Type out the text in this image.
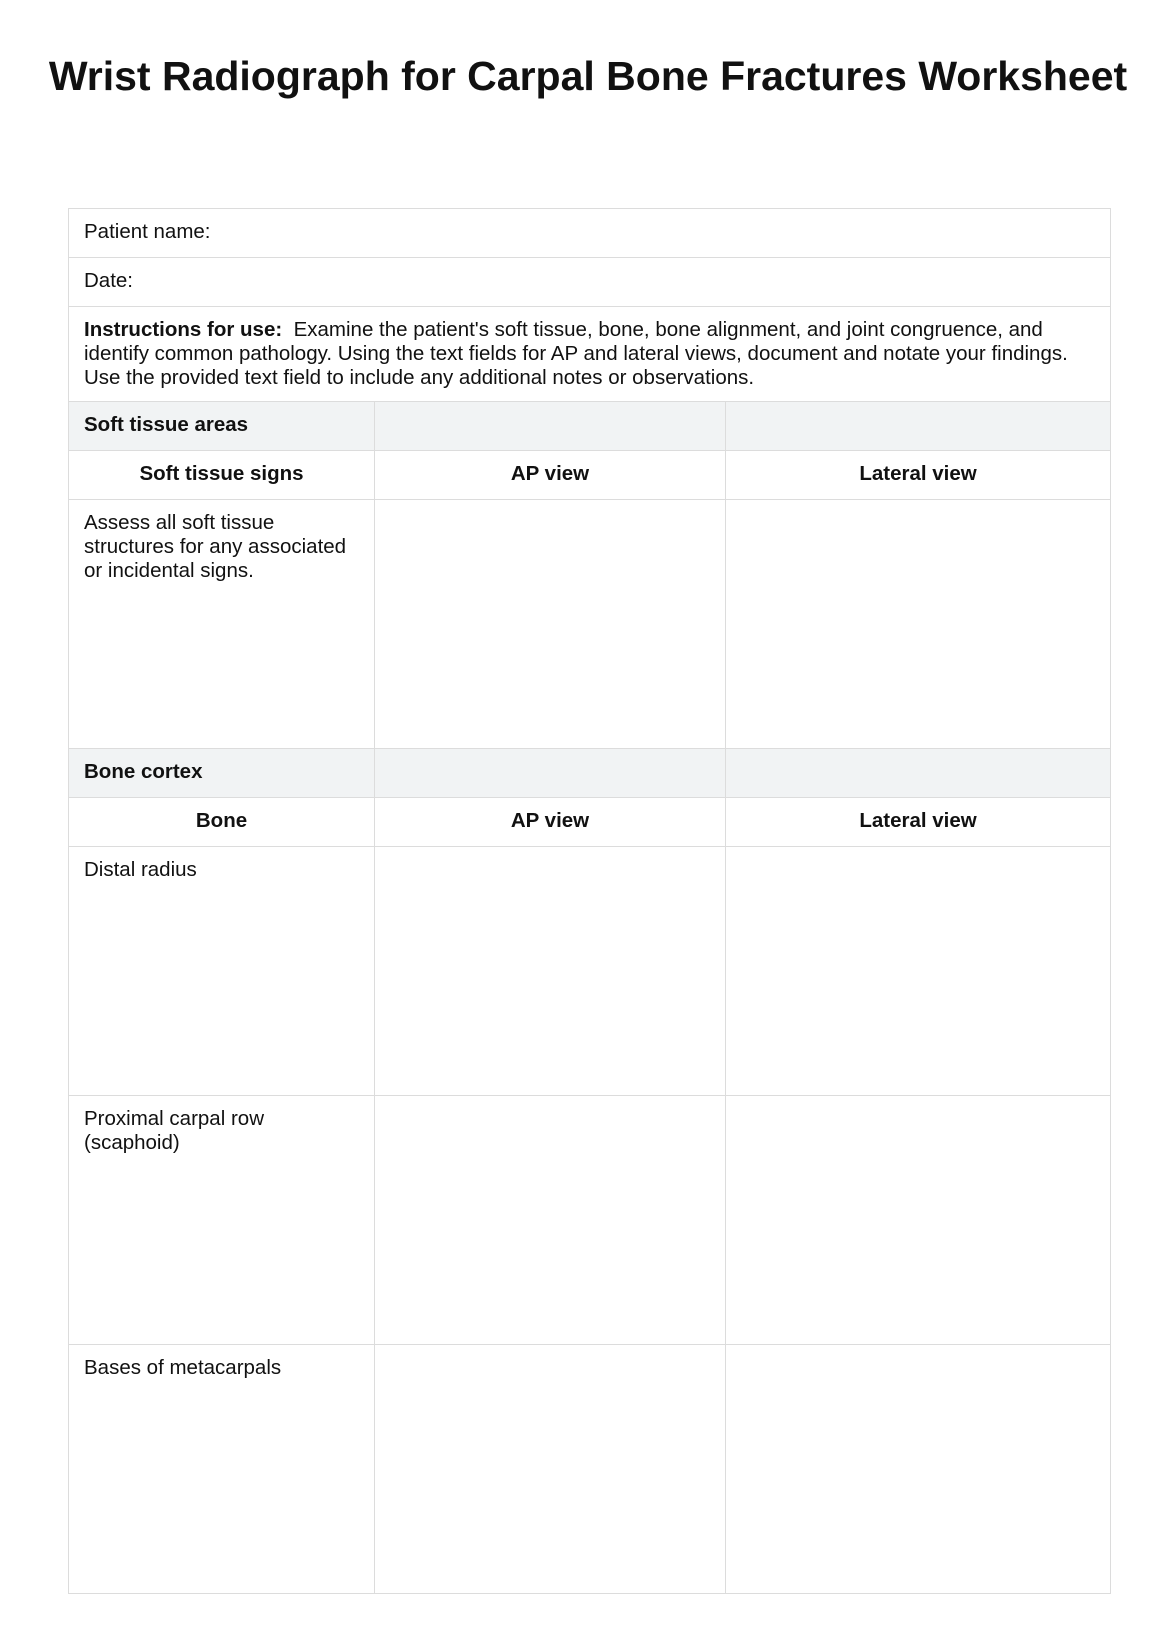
Wrist Radiograph for Carpal Bone Fractures Worksheet
Patient name:		
Date:		
Instructions for use: Examine the patient's soft tissue, bone, bone alignment, and joint congruence, and identify common pathology. Using the text fields for AP and lateral views, document and notate your findings. Use the provided text field to include any additional notes or observations.		
Soft tissue areas		
Soft tissue signs	AP view	Lateral view
Assess all soft tissue structures for any associated or incidental signs.		
Bone cortex		
Bone	AP view	Lateral view
Distal radius		
Proximal carpal row (scaphoid)		
Bases of metacarpals		
